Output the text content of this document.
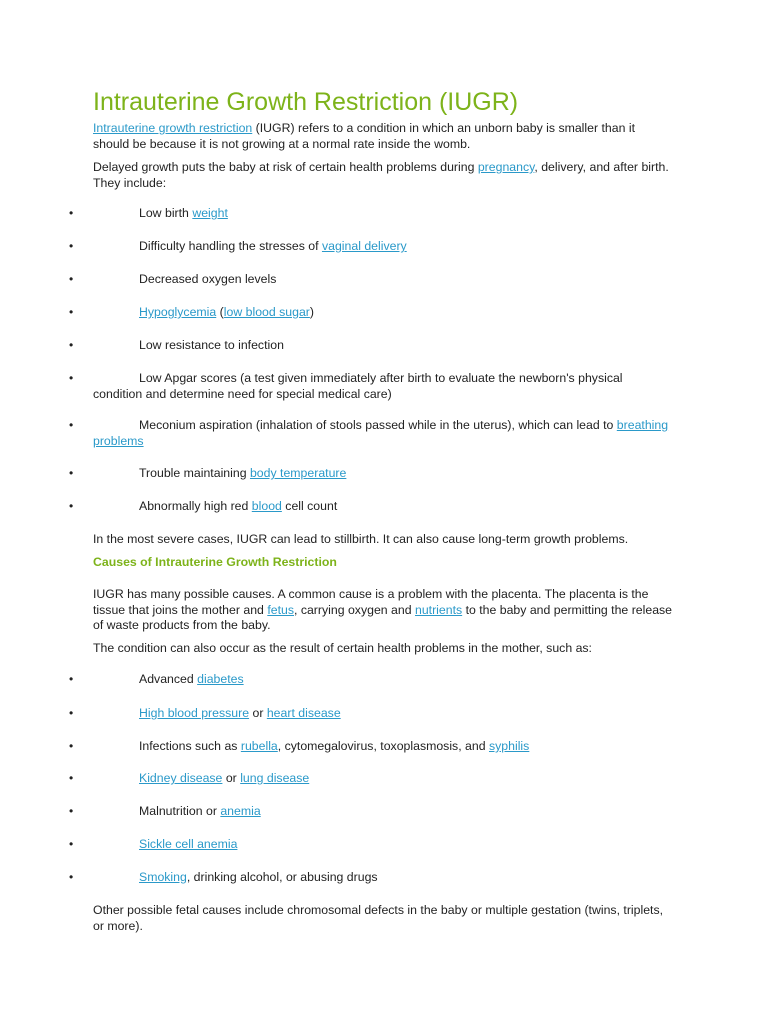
Intrauterine Growth Restriction (IUGR)

Intrauterine growth restriction (IUGR) refers to a condition in which an unborn baby is smaller than it should be because it is not growing at a normal rate inside the womb.

Delayed growth puts the baby at risk of certain health problems during pregnancy, delivery, and after birth. They include:

•	Low birth weight
•	Difficulty handling the stresses of vaginal delivery
•	Decreased oxygen levels
•	Hypoglycemia (low blood sugar)
•	Low resistance to infection
•	Low Apgar scores (a test given immediately after birth to evaluate the newborn's physical condition and determine need for special medical care)
•	Meconium aspiration (inhalation of stools passed while in the uterus), which can lead to breathing problems
•	Trouble maintaining body temperature
•	Abnormally high red blood cell count

In the most severe cases, IUGR can lead to stillbirth. It can also cause long-term growth problems.

Causes of Intrauterine Growth Restriction

IUGR has many possible causes. A common cause is a problem with the placenta. The placenta is the tissue that joins the mother and fetus, carrying oxygen and nutrients to the baby and permitting the release of waste products from the baby.

The condition can also occur as the result of certain health problems in the mother, such as:

•	Advanced diabetes
•	High blood pressure or heart disease
•	Infections such as rubella, cytomegalovirus, toxoplasmosis, and syphilis
•	Kidney disease or lung disease
•	Malnutrition or anemia
•	Sickle cell anemia
•	Smoking, drinking alcohol, or abusing drugs

Other possible fetal causes include chromosomal defects in the baby or multiple gestation (twins, triplets, or more).
